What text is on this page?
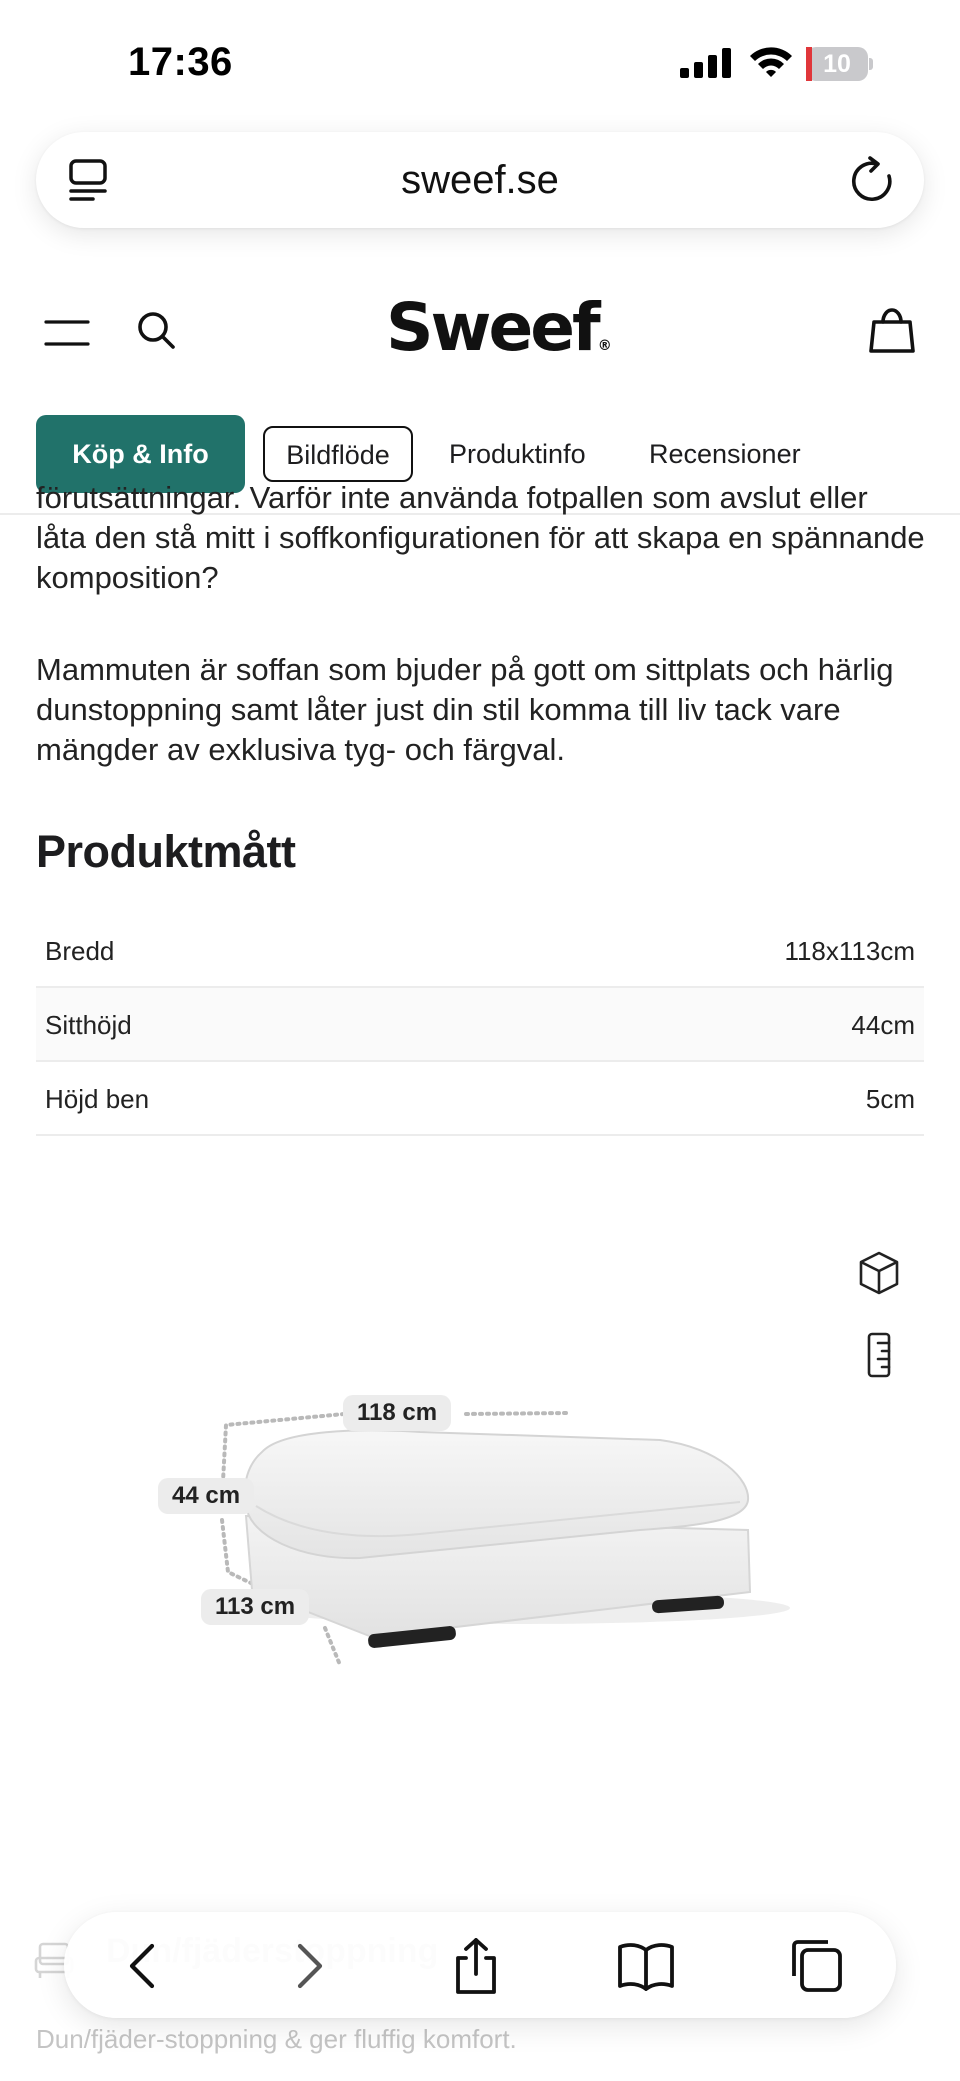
17:36	10
sweef.se
Sweef®
Köp & Info	Bildflöde	Produktinfo Recensioner
förutsättningar. Varför inte använda fotpallen som avslut eller låta den stå mitt i soffkonfigurationen för att skapa en spännande komposition?
Mammuten är soffan som bjuder på gott om sittplats och härlig dunstoppning samt låter just din stil komma till liv tack vare mängder av exklusiva tyg- och färgval.
Produktmått
Bredd	118x113cm
Sitthöjd	44cm
Höjd ben	5cm
118 cm
44 cm
113 cm
Dun/fjäder-stoppning & ger fluffig komfort.
